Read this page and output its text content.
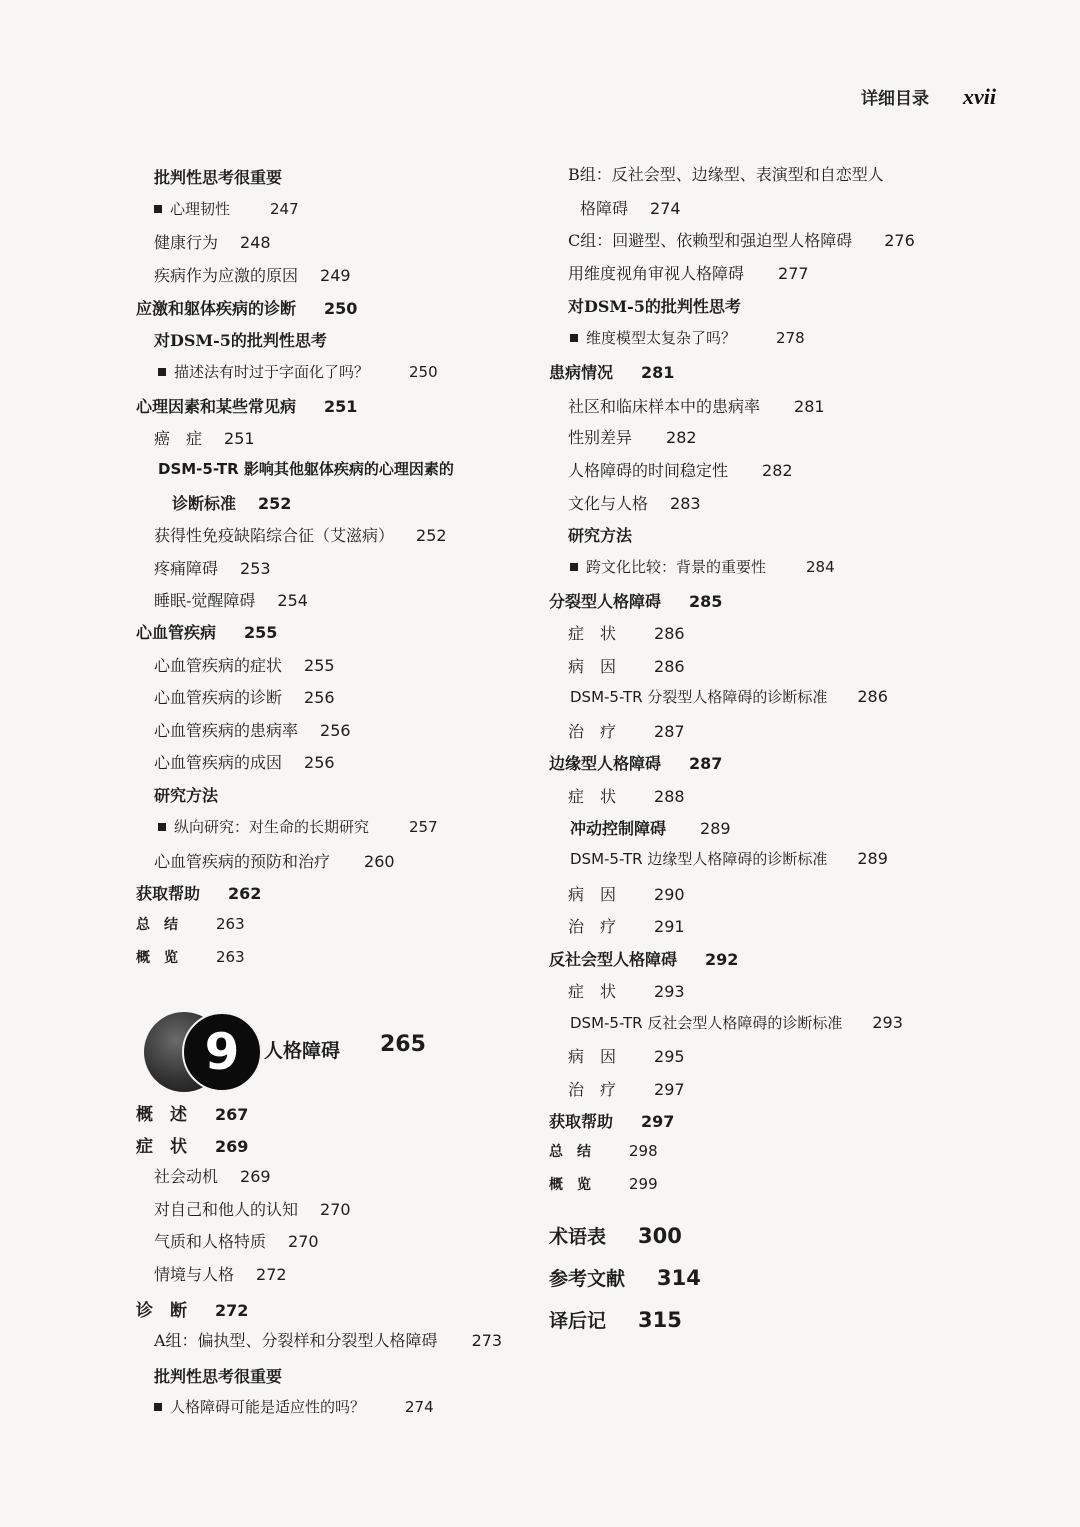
详细目录 xvii
批判性思考很重要
心理韧性	247
健康行为 248
疾病作为应激的原因 249
应激和躯体疾病的诊断 250
对DSM-5的批判性思考
描述法有时过于字面化了吗？	250
心理因素和某些常见病 251
癌　症 251
DSM-5-TR 影响其他躯体疾病的心理因素的
诊断标准 252
获得性免疫缺陷综合征（艾滋病） 252
疼痛障碍 253
睡眠-觉醒障碍 254
心血管疾病 255
心血管疾病的症状 255
心血管疾病的诊断 256
心血管疾病的患病率 256
心血管疾病的成因 256
研究方法
纵向研究：对生命的长期研究	257
心血管疾病的预防和治疗 260
获取帮助 262
总　结	263
概　览	263
9 人格障碍 265
概　述 267
症　状 269
社会动机 269
对自己和他人的认知 270
气质和人格特质 270
情境与人格 272
诊　断 272
A组：偏执型、分裂样和分裂型人格障碍 273
批判性思考很重要
人格障碍可能是适应性的吗？	274
B组：反社会型、边缘型、表演型和自恋型人
格障碍 274
C组：回避型、依赖型和强迫型人格障碍 276
用维度视角审视人格障碍 277
对DSM-5的批判性思考
维度模型太复杂了吗？	278
患病情况 281
社区和临床样本中的患病率 281
性别差异 282
人格障碍的时间稳定性 282
文化与人格 283
研究方法
跨文化比较：背景的重要性	284
分裂型人格障碍 285
症　状 286
病　因 286
DSM-5-TR 分裂型人格障碍的诊断标准 286
治　疗 287
边缘型人格障碍 287
症　状 288
冲动控制障碍 289
DSM-5-TR 边缘型人格障碍的诊断标准 289
病　因 290
治　疗 291
反社会型人格障碍 292
症　状 293
DSM-5-TR 反社会型人格障碍的诊断标准 293
病　因 295
治　疗 297
获取帮助 297
总　结	298
概　览	299
术语表 300
参考文献 314
译后记 315
